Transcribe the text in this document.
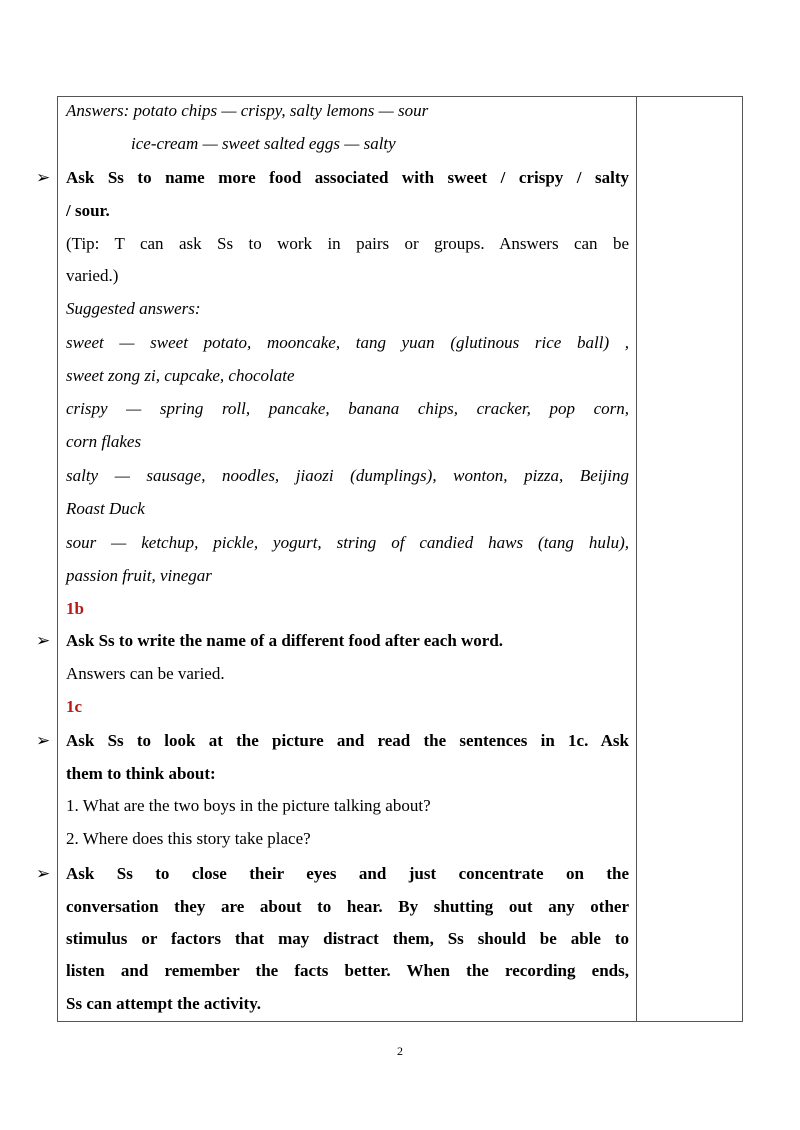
Answers: potato chips — crispy, salty lemons — sour
ice-cream — sweet salted eggs — salty
➢ Ask Ss to name more food associated with sweet / crispy / salty
/ sour.
(Tip: T can ask Ss to work in pairs or groups. Answers can be
varied.)
Suggested answers:
sweet — sweet potato, mooncake, tang yuan (glutinous rice ball) ,
sweet zong zi, cupcake, chocolate
crispy — spring roll, pancake, banana chips, cracker, pop corn,
corn flakes
salty — sausage, noodles, jiaozi (dumplings), wonton, pizza, Beijing
Roast Duck
sour — ketchup, pickle, yogurt, string of candied haws (tang hulu),
passion fruit, vinegar
1b
➢ Ask Ss to write the name of a different food after each word.
Answers can be varied.
1c
➢ Ask Ss to look at the picture and read the sentences in 1c. Ask
them to think about:
1. What are the two boys in the picture talking about?
2. Where does this story take place?
➢ Ask Ss to close their eyes and just concentrate on the
conversation they are about to hear. By shutting out any other
stimulus or factors that may distract them, Ss should be able to
listen and remember the facts better. When the recording ends,
Ss can attempt the activity.
2
